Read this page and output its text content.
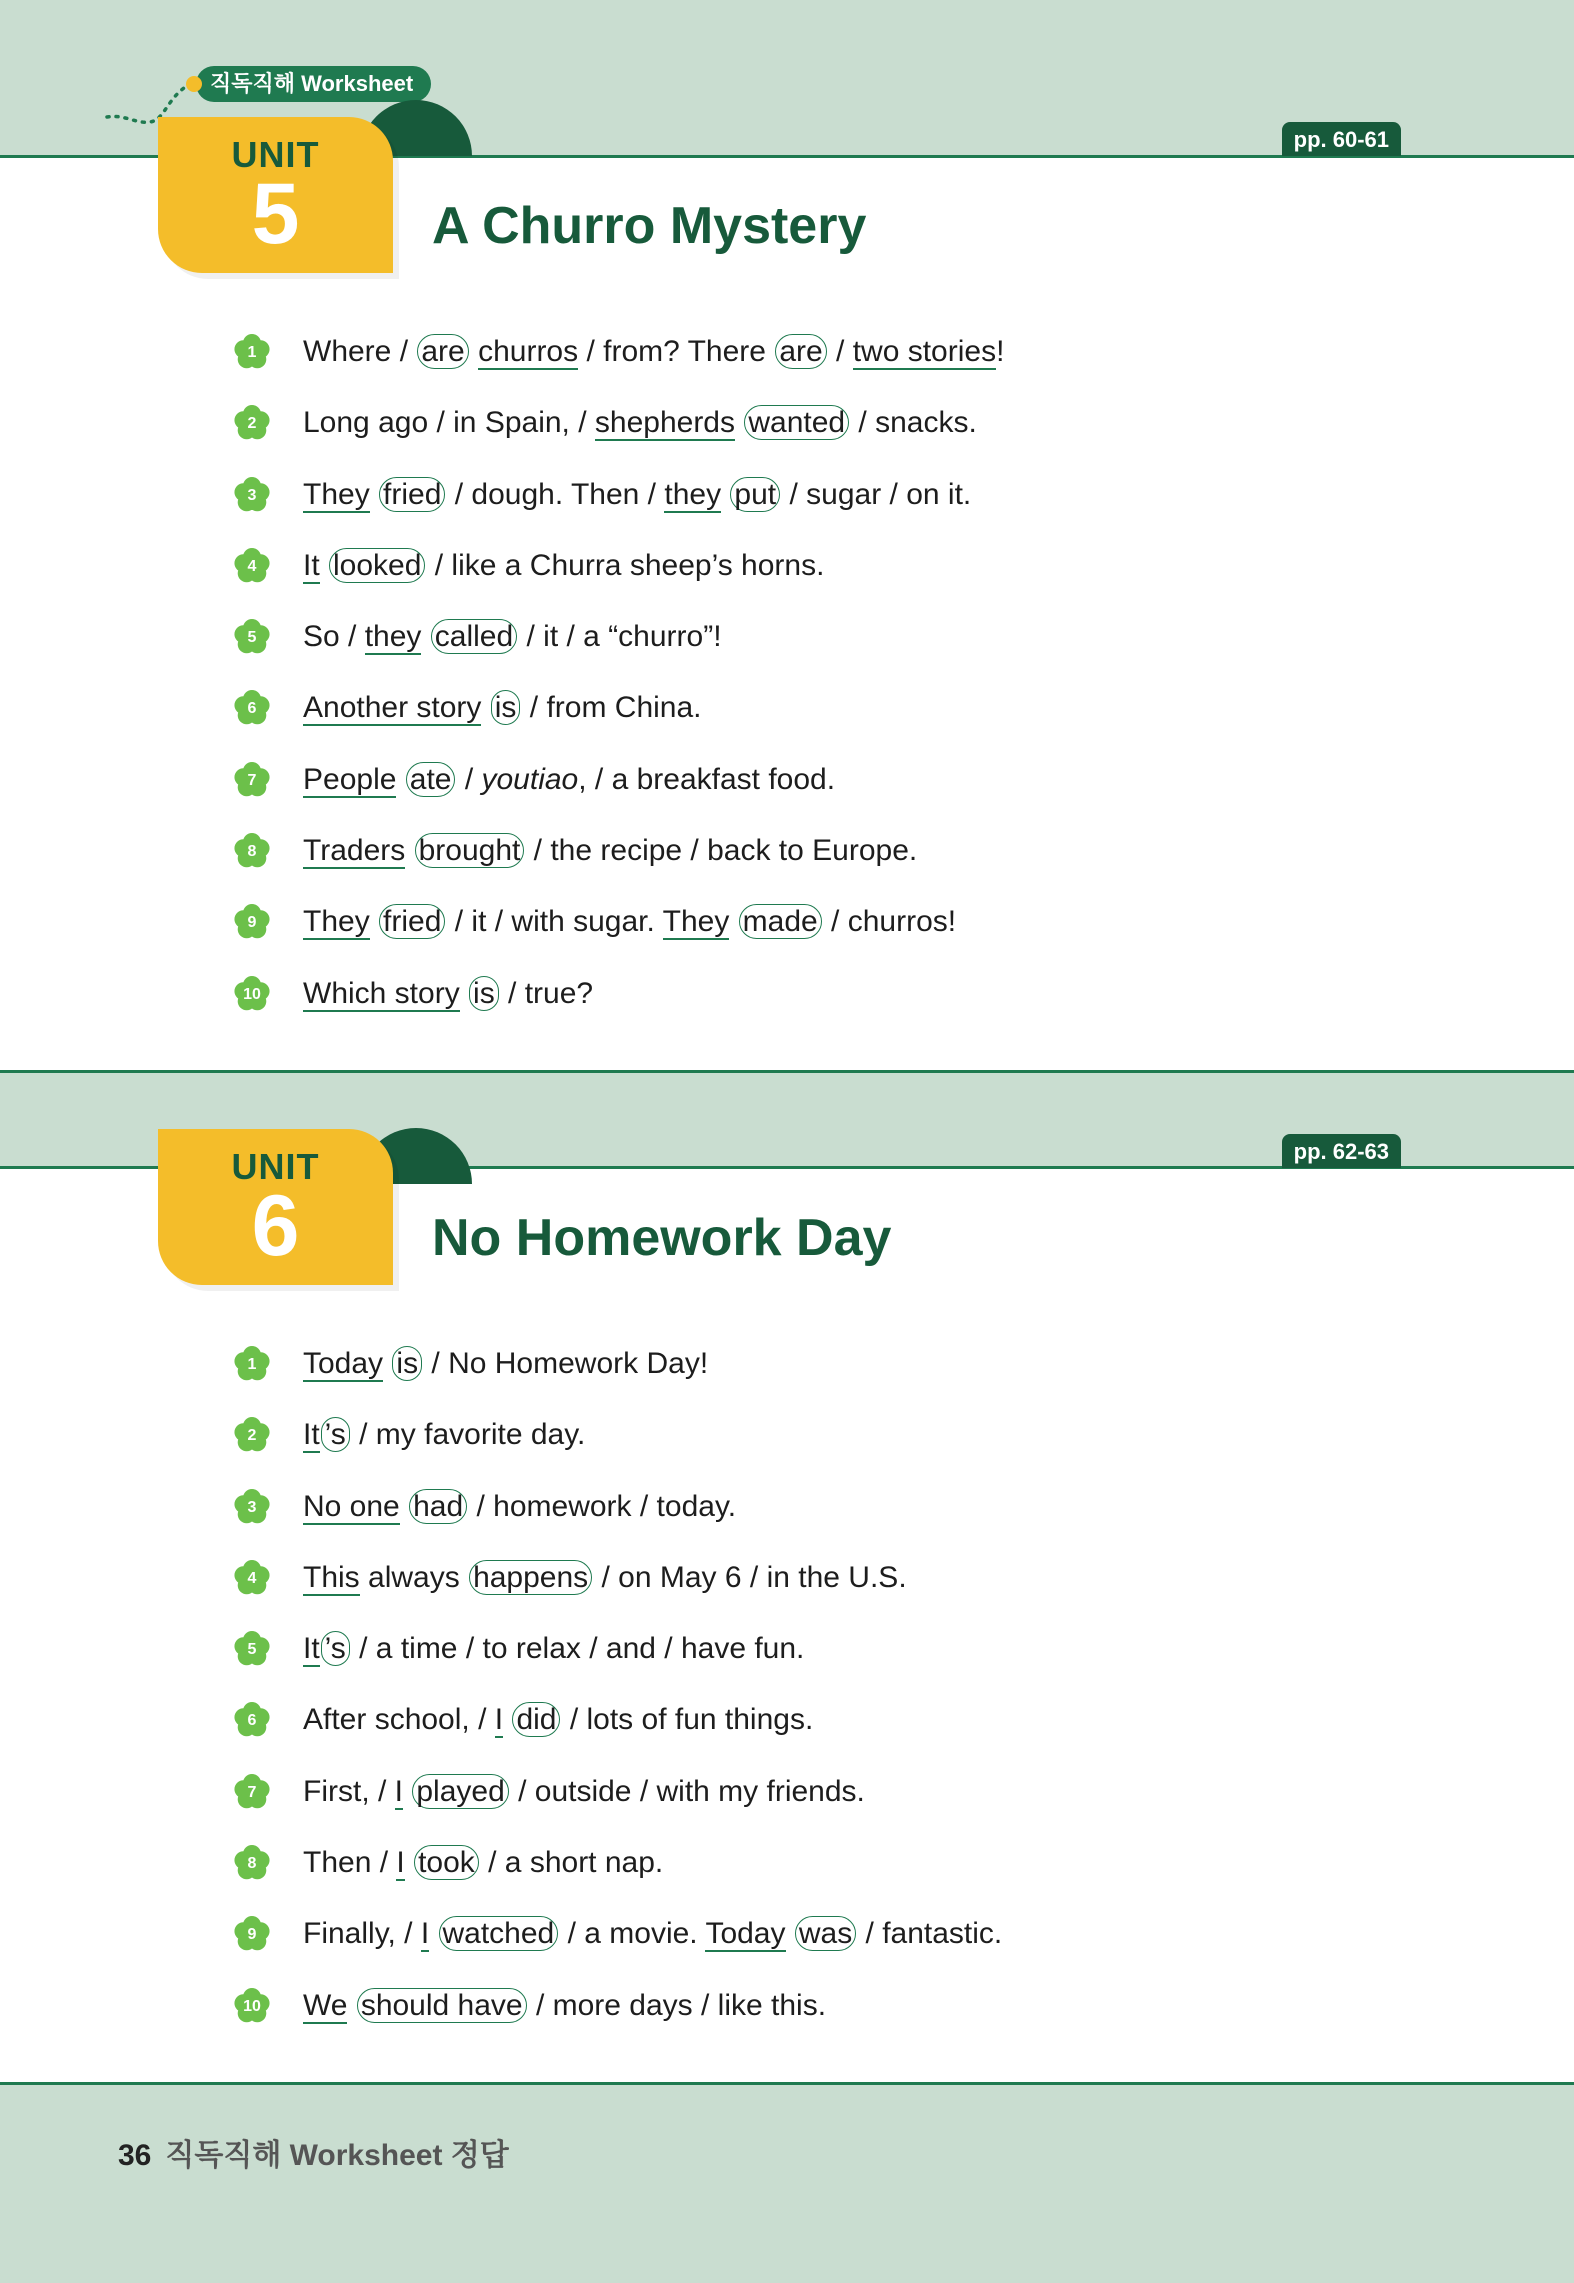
직독직해 Worksheet
pp. 60-61
UNIT
5	A Churro Mystery
1	Where / are churros / from? There are / two stories!
2	Long ago / in Spain, / shepherds wanted / snacks.
3	They fried / dough. Then / they put / sugar / on it.
4	It looked / like a Churra sheep’s horns.
5	So / they called / it / a “churro”!
6	Another story is / from China.
7	People ate / youtiao, / a breakfast food.
8	Traders brought / the recipe / back to Europe.
9	They fried / it / with sugar. They made / churros!
10	Which story is / true?
pp. 62-63
UNIT
6	No Homework Day
1	Today is / No Homework Day!
2	It ’s / my favorite day.
3	No one had / homework / today.
4	This always happens / on May 6 / in the U.S.
5	It ’s / a time / to relax / and / have fun.
6	After school, / I did / lots of fun things.
7	First, / I played / outside / with my friends.
8	Then / I took / a short nap.
9	Finally, / I watched / a movie. Today was / fantastic.
10	We should have / more days / like this.
36 직독직해 Worksheet 정답
